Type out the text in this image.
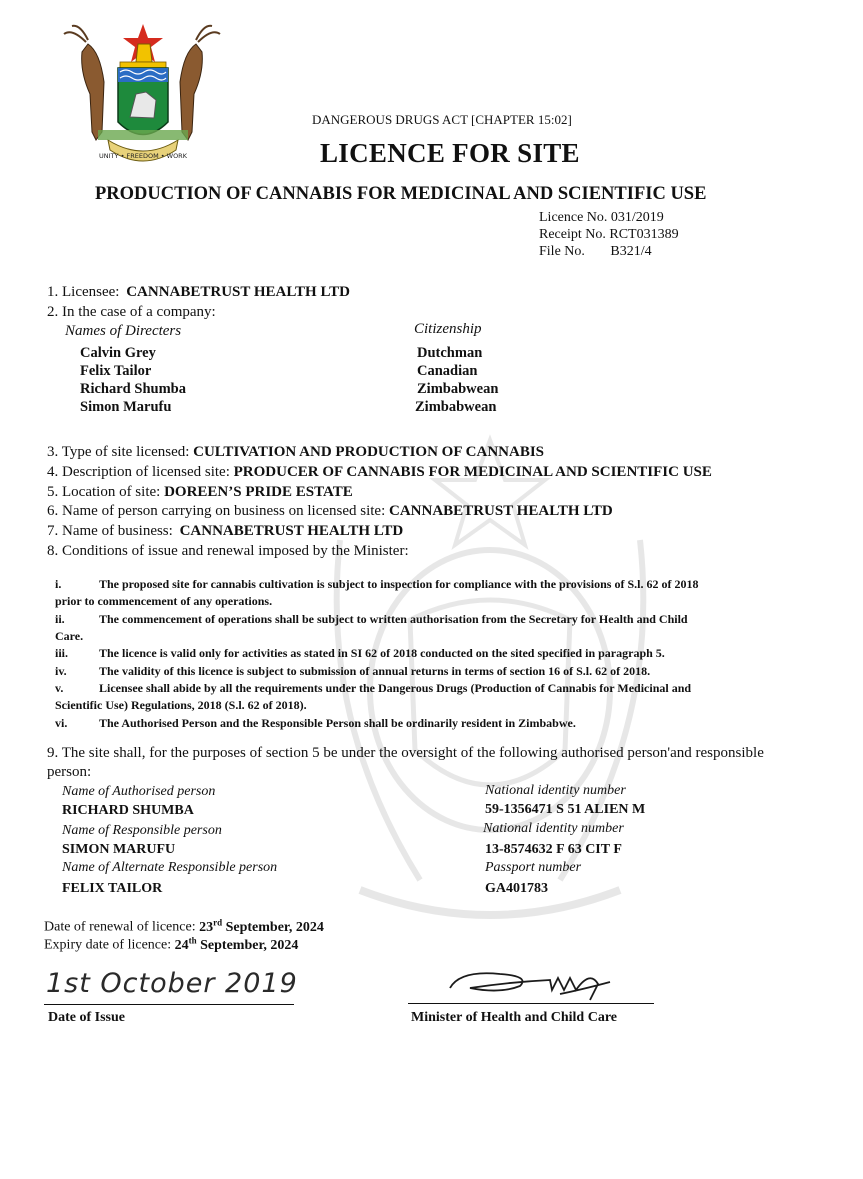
UNITY • FREEDOM • WORK
DANGEROUS DRUGS ACT [CHAPTER 15:02]
LICENCE FOR SITE
PRODUCTION OF CANNABIS FOR MEDICINAL AND SCIENTIFIC USE
Licence No. 031/2019
Receipt No. RCT031389
File No. B321/4
1. Licensee: CANNABETRUST HEALTH LTD
2. In the case of a company:
Names of Directers	Citizenship
Calvin Grey	Dutchman
Felix Tailor	Canadian
Richard Shumba	Zimbabwean
Simon Marufu	Zimbabwean
3. Type of site licensed: CULTIVATION AND PRODUCTION OF CANNABIS
4. Description of licensed site: PRODUCER OF CANNABIS FOR MEDICINAL AND SCIENTIFIC USE
5. Location of site: DOREEN’S PRIDE ESTATE
6. Name of person carrying on business on licensed site: CANNABETRUST HEALTH LTD
7. Name of business: CANNABETRUST HEALTH LTD
8. Conditions of issue and renewal imposed by the Minister:
i.	The proposed site for cannabis cultivation is subject to inspection for compliance with the provisions of S.l. 62 of 2018
prior to commencement of any operations.
ii.	The commencement of operations shall be subject to written authorisation from the Secretary for Health and Child
Care.
iii.	The licence is valid only for activities as stated in SI 62 of 2018 conducted on the sited specified in paragraph 5.
iv.	The validity of this licence is subject to submission of annual returns in terms of section 16 of S.l. 62 of 2018.
v.	Licensee shall abide by all the requirements under the Dangerous Drugs (Production of Cannabis for Medicinal and
Scientific Use) Regulations, 2018 (S.l. 62 of 2018).
vi.	The Authorised Person and the Responsible Person shall be ordinarily resident in Zimbabwe.
9. The site shall, for the purposes of section 5 be under the oversight of the following authorised person'and responsible
person:
Name of Authorised person	National identity number
RICHARD SHUMBA	59-1356471 S 51 ALIEN M
Name of Responsible person	National identity number
SIMON MARUFU	13-8574632 F 63 CIT F
Name of Alternate Responsible person	Passport number
FELIX TAILOR	GA401783
Date of renewal of licence: 23rd September, 2024
Expiry date of licence: 24th September, 2024
1st October 2019
Date of Issue
Mhy
Minister of Health and Child Care
